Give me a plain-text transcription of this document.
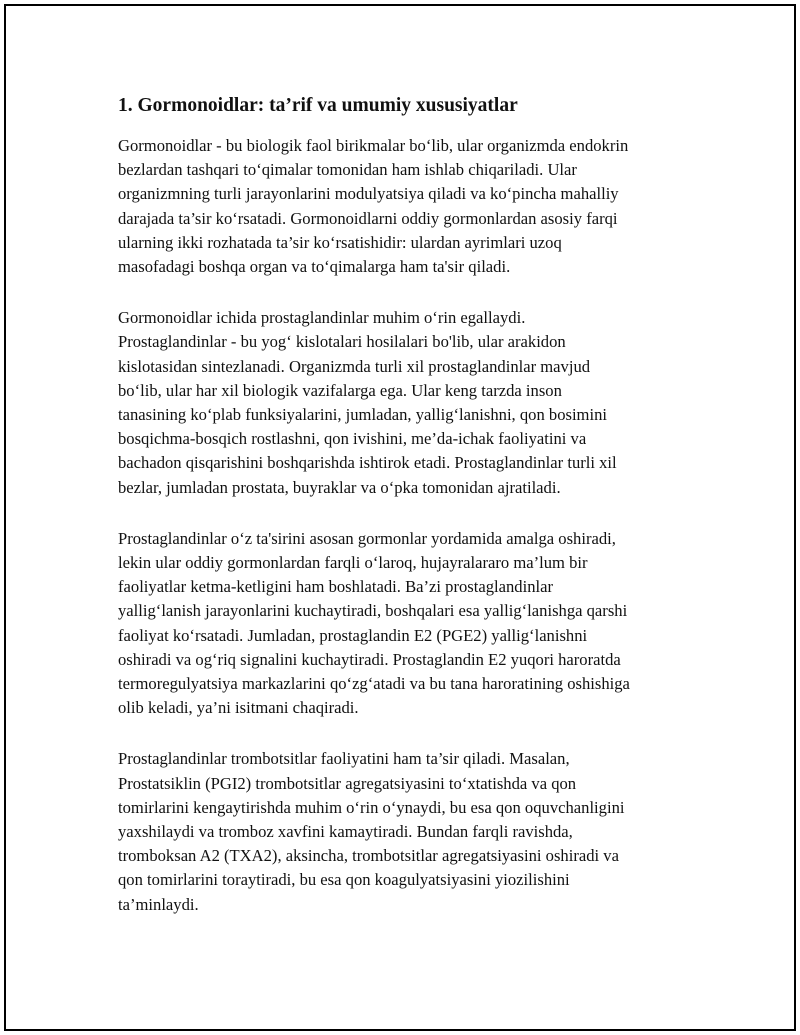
1. Gormonoidlar: ta’rif va umumiy xususiyatlar

Gormonoidlar - bu biologik faol birikmalar bo‘lib, ular organizmda endokrin
bezlardan tashqari to‘qimalar tomonidan ham ishlab chiqariladi. Ular
organizmning turli jarayonlarini modulyatsiya qiladi va ko‘pincha mahalliy
darajada ta’sir ko‘rsatadi. Gormonoidlarni oddiy gormonlardan asosiy farqi
ularning ikki rozhatada ta’sir ko‘rsatishidir: ulardan ayrimlari uzoq
masofadagi boshqa organ va to‘qimalarga ham ta'sir qiladi.

Gormonoidlar ichida prostaglandinlar muhim o‘rin egallaydi.
Prostaglandinlar - bu yog‘ kislotalari hosilalari bo'lib, ular arakidon
kislotasidan sintezlanadi. Organizmda turli xil prostaglandinlar mavjud
bo‘lib, ular har xil biologik vazifalarga ega. Ular keng tarzda inson
tanasining ko‘plab funksiyalarini, jumladan, yallig‘lanishni, qon bosimini
bosqichma-bosqich rostlashni, qon ivishini, me’da-ichak faoliyatini va
bachadon qisqarishini boshqarishda ishtirok etadi. Prostaglandinlar turli xil
bezlar, jumladan prostata, buyraklar va o‘pka tomonidan ajratiladi.

Prostaglandinlar o‘z ta'sirini asosan gormonlar yordamida amalga oshiradi,
lekin ular oddiy gormonlardan farqli o‘laroq, hujayralararo ma’lum bir
faoliyatlar ketma-ketligini ham boshlatadi. Ba’zi prostaglandinlar
yallig‘lanish jarayonlarini kuchaytiradi, boshqalari esa yallig‘lanishga qarshi
faoliyat ko‘rsatadi. Jumladan, prostaglandin E2 (PGE2) yallig‘lanishni
oshiradi va og‘riq signalini kuchaytiradi. Prostaglandin E2 yuqori haroratda
termoregulyatsiya markazlarini qo‘zg‘atadi va bu tana haroratining oshishiga
olib keladi, ya’ni isitmani chaqiradi.

Prostaglandinlar trombotsitlar faoliyatini ham ta’sir qiladi. Masalan,
Prostatsiklin (PGI2) trombotsitlar agregatsiyasini to‘xtatishda va qon
tomirlarini kengaytirishda muhim o‘rin o‘ynaydi, bu esa qon oquvchanligini
yaxshilaydi va tromboz xavfini kamaytiradi. Bundan farqli ravishda,
tromboksan A2 (TXA2), aksincha, trombotsitlar agregatsiyasini oshiradi va
qon tomirlarini toraytiradi, bu esa qon koagulyatsiyasini yiozilishini
ta’minlaydi.
